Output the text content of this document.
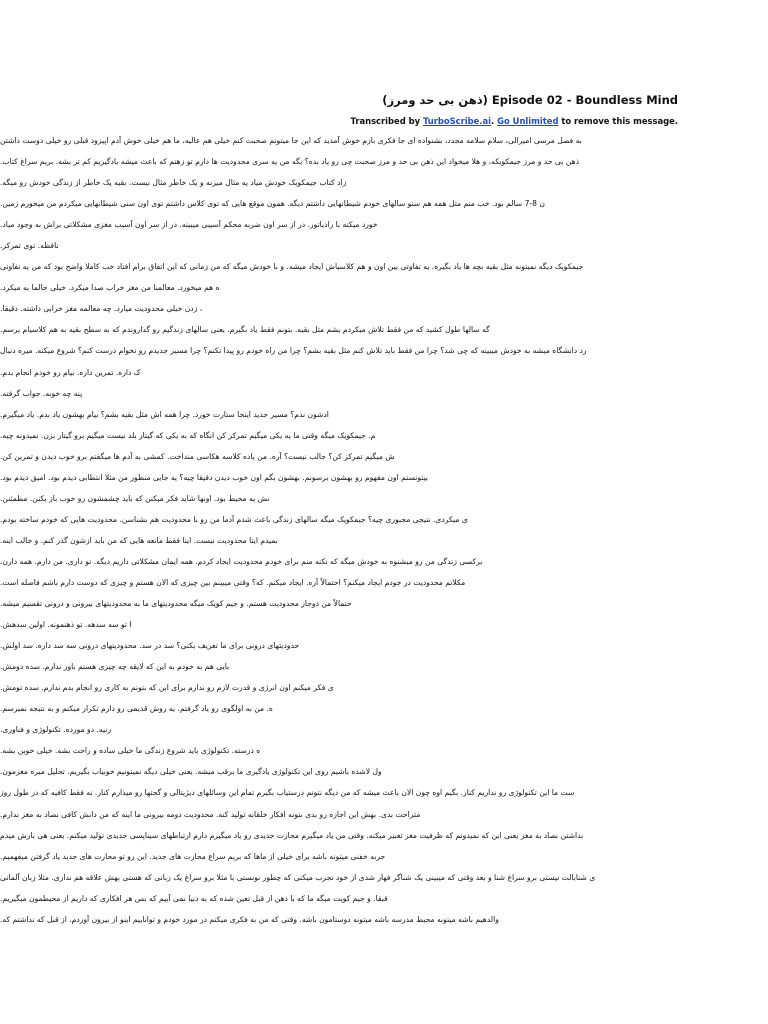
Episode 02 - Boundless Mind (ذهن بی حد ومرز)
Transcribed by TurboScribe.ai. Go Unlimited to remove this message.
به فصل مرسی امیرالی، سلام سلامه مجدد، بشنواده ای جا فکری بازم خوش آمدید که این جا میتونم صحبت کنم خیلی هم عالیه، ما هم خیلی خوش آدم اپیزود قبلی رو خیلی دوست داشتن
ذهن بی حد و مرز جیمکویکه، و هلا میخواد این ذهن بی حد و مرز صحبت چی رو یاد بده؟ بگه من یه سری محدودیت ها دارم تو زهنم که باعث میشه یادگیریم کم تر بشه. بریم سراغ کتاب.
زاد کتاب جیمکویک خودش میاد یه مثال میزنه و یک خاطر مثال نیست. بقیه یک خاطر از زندگی خودش رو میگه.
ن 8-7 سالم بود. خب منم مثل همه هم سنو سالهای خودم شیطانهایی داشتم دیگه. همون موقع هایی که توی کلاس داشتم توی اون سنی شیطانهایی میکردم من میخورم زمین.
خورد میکنه با رادیاتور. در از سر اون ضربه محکم آسیبی میبینه. در از سر اون آسیب مغزی مشکلاتی براش به وجود میاد.
نافظه. توی تمرکز.
جیمکویک دیگه نمیتونه مثل بقیه بچه ها یاد بگیره. یه تفاوتی بین اون و هم کلاسیاش ایجاد میشه. و با خودش میگه که من زمانی که این اتفاق برام افتاد خب کاملا واضح بود که من یه تفاوتی
ه هم میخورد. معالمنا من مغز خراب صدا میکرد. خیلی حالما به میکرد.
، زدن خیلی محدودیت میارد. چه معالمه مغز خرابی داشته. دقیقا.
گه سالها طول کشید که من فقط تلاش میکردم بشم مثل بقیه. بتونم فقط یاد بگیرم. یعنی سالهای زندگیم رو گذاروندم که به سطح بقیه به هم کلاسیام برسم.
رد دانشگاه میشه به خودش میبینه که چی شد؟ چرا من فقط باید تلاش کنم مثل بقیه بشم؟ چرا من راه خودم رو پیدا نکنم؟ چرا مسیر جدیدم رو نخوام درست کنم؟ شروع میکنه. میره دنبال
ک داره. تمرین داره. بیام رو خودم انجام بدم.
پنه چه خوبه. جواب گرفته.
ادشون ندم؟ مسیر جدید اینجا ستارت خورد. چرا همه اش مثل بقیه بشم؟ بیام بهشون یاد بدم. یاد میگیرم.
م. جیمکویک میگه وقتی ما یه یکی میگیم تمرکز کن انگاه که به یکی که گیتار بلد نیست میگیم برو گیتار بزن. نمیدونه چیه.
ش میگیم تمرکز کن؟ جالب نیست؟ آره. من یاده کلاسه هکاسی منداخت. کمشی به آدم ها میگفتم برو خوب دیدن و تمرین کن.
بیتونستم اون مفهوم رو بهشون برسونم. بهشون بگم اون خوب دیدن دقیقا چیه؟ یه جایی منظور من مثلا انتطابی دیدم بود. امیق دیدم بود.
نش یه محیط بود. اونها شاید فکر میکنن که باید چشمشون رو خوب باز بکنن. مطمئنن.
ی میکردی. نتیجی مجبوری چیه؟ جیمکویک میگه سالهای زندگی باعث شدم آدما من رو با محدودیت هم بشناسن. محدودیت هایی که خودم ساخته بودم.
بمیدم اینا محدودیت نیست. اینا فقط مانعه هایی که من باید ازشون گذر کنم. و جالب اینه.
برکسی زندگی من رو میشنوه به خودش میگه که نکنه منم برای خودم محدودیت ایجاد کردم. همه ایمان مشکلاتی داریم دیگه. تو داری. من دارم. همه دارن.
مکلاتم محدودیت در خودم ایجاد میکنم؟ احتمالاً آره. ایجاد میکنم. که؟ وقتی میبینم بین چیزی که الان هستم و چیزی که دوست دارم باشم فاصله است.
حتمالاً من دوجار محدودیت هستم. و جیم کویک میگه محدودیتهای ما به محدودیتهای بیرونی و درونی تقسیم میشه.
ا تو سه سدهه. تو ذهنمونه. اولین سدهش.
حدودیتهای درونی برای ما تعریف بکنی؟ سد در سد. محدودیتهای درونی سه سد داره. سد اولش.
بایی هم به خودم به این که لایقه چه چیزی هستم باور ندارم. سده دومش.
ی فکر میکنم اون انرژی و قدرت لازم رو ندارم برای این که بتونم به کاری رو انجام بدم ندارم. سده تومش.
ه. من به اولگوی رو یاد گرفتم. یه روش قدیمی رو دارم تکرار میکنم و به نتیجه نمیرسم.
رنیه. دو مورده. تکنولوژی و فناوری.
ه درسته. تکنولوژی باید شروع زندگی ما خیلی ساده و راحت بشه. خیلی خوبن بشه.
ول لاشده باشیم روی این تکنولوژی یادگیری ما برقب میشه. یعنی خیلی دیگه نمیتونیم خوبیاب بگیریم. تحلیل میره مغزمون.
ست ما این تکنولوژی رو نداریم کنار. بگیم اوه چون الان باعث میشه که من دیگه نتونم درستیاب بگیرم تمام این وسائلهای دیژیتالی و گجتها رو میذارم کنار. نه فقط کافیه که در طول روز
متراحت بدی. بهش این اجازه رو بدی بتونه افکار خلقانه تولید کنه. محدودیت دومه بیرونی ما اینه که من دانش کافی نصاد به مغز ندارم.
بداشتن نصاد به مغز یعنی این که نمیدونم که ظرفیت مغز تعبیر میکنه. وقتی من یاد میگیرم محارت جدیدی رو یاد میگیرم دارم ارتباطهای سیناپسی جدیدی تولید میکنم. یعنی هی بارش میدم
جربه خفنی میتونه باشه برای خیلی از ماها که بریم سراغ محارت های جدید. این رو تو محارت های جدید یاد گرفتن میفهمیم.
ی شنابالت نیستی برو سراغ شنا و بعد وقتی که میبینی یک شناگر فهار شدی از خود تجرب میکنی که چطور نونستی با مثلا برو سراغ یک زبانی که هستی بهش علاقه هم نداری. مثلا زبان آلمانی
قبقا. و جیم کویت میگه ما که با ذهن از قبل تعین شده که به دنیا نمی آییم که بس هر افکاری که داریم از محیطمون میگیریم.
والدهیم باشه میتونه محیط مدرسه باشه میتونه دوستامون باشه. وقتی که من به فکری میکنم در مورد خودم و تواناییم اینو از بیرون آوردم. از قبل که نداشتم که.
